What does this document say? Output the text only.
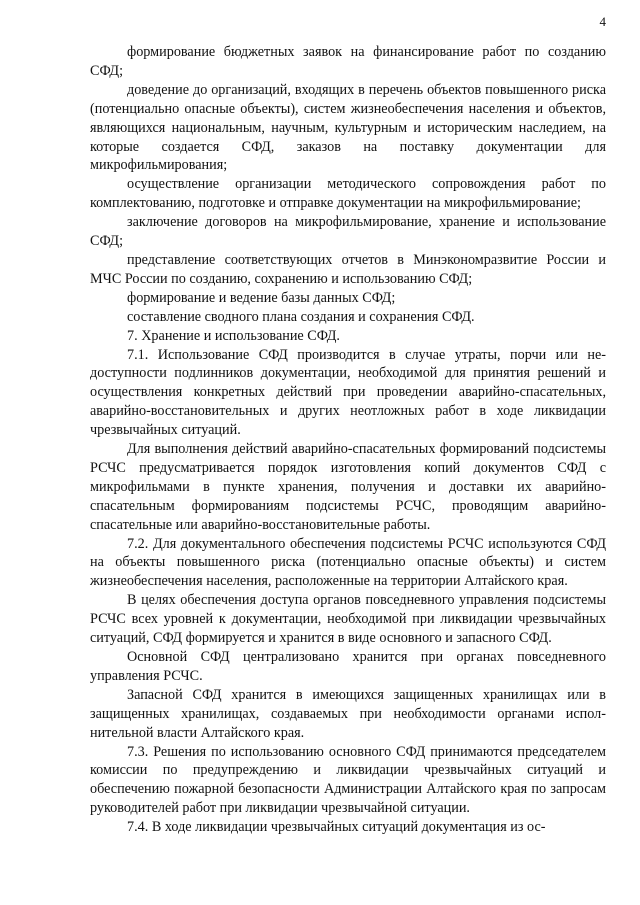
4

формирование бюджетных заявок на финансирование работ по созданию СФД;

доведение до организаций, входящих в перечень объектов повышенного риска (потенциально опасные объекты), систем жизнеобеспечения населения и объектов, являющихся национальным, научным, культурным и историческим наследием, на которые создается СФД, заказов на поставку документации для микрофильмирования;

осуществление организации методического сопровождения работ по комплектованию, подготовке и отправке документации на микрофильмирование;

заключение договоров на микрофильмирование, хранение и использование СФД;

представление соответствующих отчетов в Минэкономразвитие России и МЧС России по созданию, сохранению и использованию СФД;

формирование и ведение базы данных СФД;

составление сводного плана создания и сохранения СФД.

7. Хранение и использование СФД.

7.1. Использование СФД производится в случае утраты, порчи или недоступности подлинников документации, необходимой для принятия решений и осуществления конкретных действий при проведении аварийно-спасательных, аварийно-восстановительных и других неотложных работ в ходе ликвидации чрезвычайных ситуаций.

Для выполнения действий аварийно-спасательных формирований подсистемы РСЧС предусматривается порядок изготовления копий документов СФД с микрофильмами в пункте хранения, получения и доставки их аварийно-спасательным формированиям подсистемы РСЧС, проводящим аварийно-спасательные или аварийно-восстановительные работы.

7.2. Для документального обеспечения подсистемы РСЧС используются СФД на объекты повышенного риска (потенциально опасные объекты) и систем жизнеобеспечения населения, расположенные на территории Алтайского края.

В целях обеспечения доступа органов повседневного управления подсистемы РСЧС всех уровней к документации, необходимой при ликвидации чрезвычайных ситуаций, СФД формируется и хранится в виде основного и запасного СФД.

Основной СФД централизовано хранится при органах повседневного управления РСЧС.

Запасной СФД хранится в имеющихся защищенных хранилищах или в защищенных хранилищах, создаваемых при необходимости органами исполнительной власти Алтайского края.

7.3. Решения по использованию основного СФД принимаются председателем комиссии по предупреждению и ликвидации чрезвычайных ситуаций и обеспечению пожарной безопасности Администрации Алтайского края по запросам руководителей работ при ликвидации чрезвычайной ситуации.

7.4. В ходе ликвидации чрезвычайных ситуаций документация из ос-
